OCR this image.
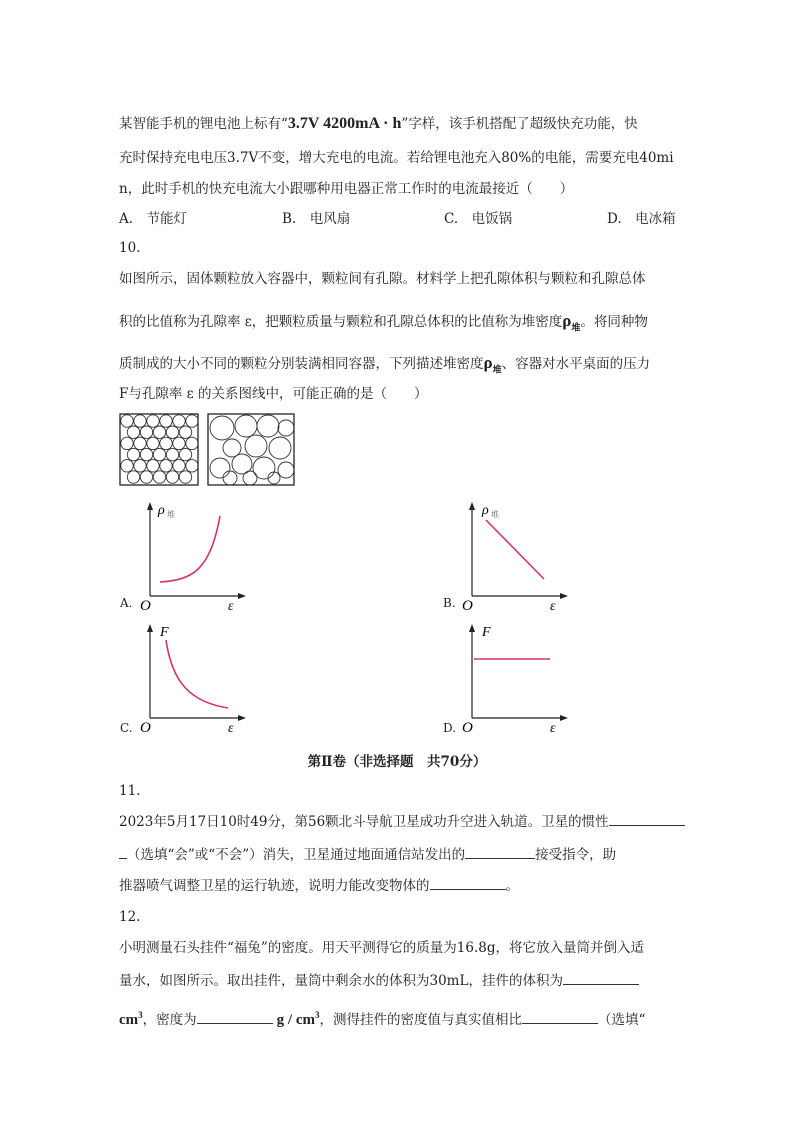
某智能手机的锂电池上标有“3.7V 4200mA · h”字样，该手机搭配了超级快充功能，快
充时保持充电电压3.7V不变，增大充电的电流。若给锂电池充入80%的电能，需要充电40mi
n，此时手机的快充电流大小跟哪种用电器正常工作时的电流最接近（　　）
A.　节能灯	B.　电风扇	C.　电饭锅	D.　电冰箱
10.
如图所示，固体颗粒放入容器中，颗粒间有孔隙。材料学上把孔隙体积与颗粒和孔隙总体
积的比值称为孔隙率 ε，把颗粒质量与颗粒和孔隙总体积的比值称为堆密度$\rho_堆$。将同种物
质制成的大小不同的颗粒分别装满相同容器，下列描述堆密度$\rho_堆$、容器对水平桌面的压力
F与孔隙率 ε 的关系图线中，可能正确的是（　　）
ρ 堆
ε
O
A.
ρ 堆
ε
O
B.
F
ε
O
C.
F
ε
O
D.
第Ⅱ卷（非选择题　共70分）
11.
2023年5月17日10时49分，第56颗北斗导航卫星成功升空进入轨道。卫星的惯性
（选填“会”或“不会”）消失，卫星通过地面通信站发出的	接受指令，助
推器喷气调整卫星的运行轨迹，说明力能改变物体的	。
12.
小明测量石头挂件“福兔”的密度。用天平测得它的质量为16.8g，将它放入量筒并倒入适
量水，如图所示。取出挂件，量筒中剩余水的体积为30mL，挂件的体积为
$cm^3$，密度为	g / $cm^3$，测得挂件的密度值与真实值相比	（选填“
